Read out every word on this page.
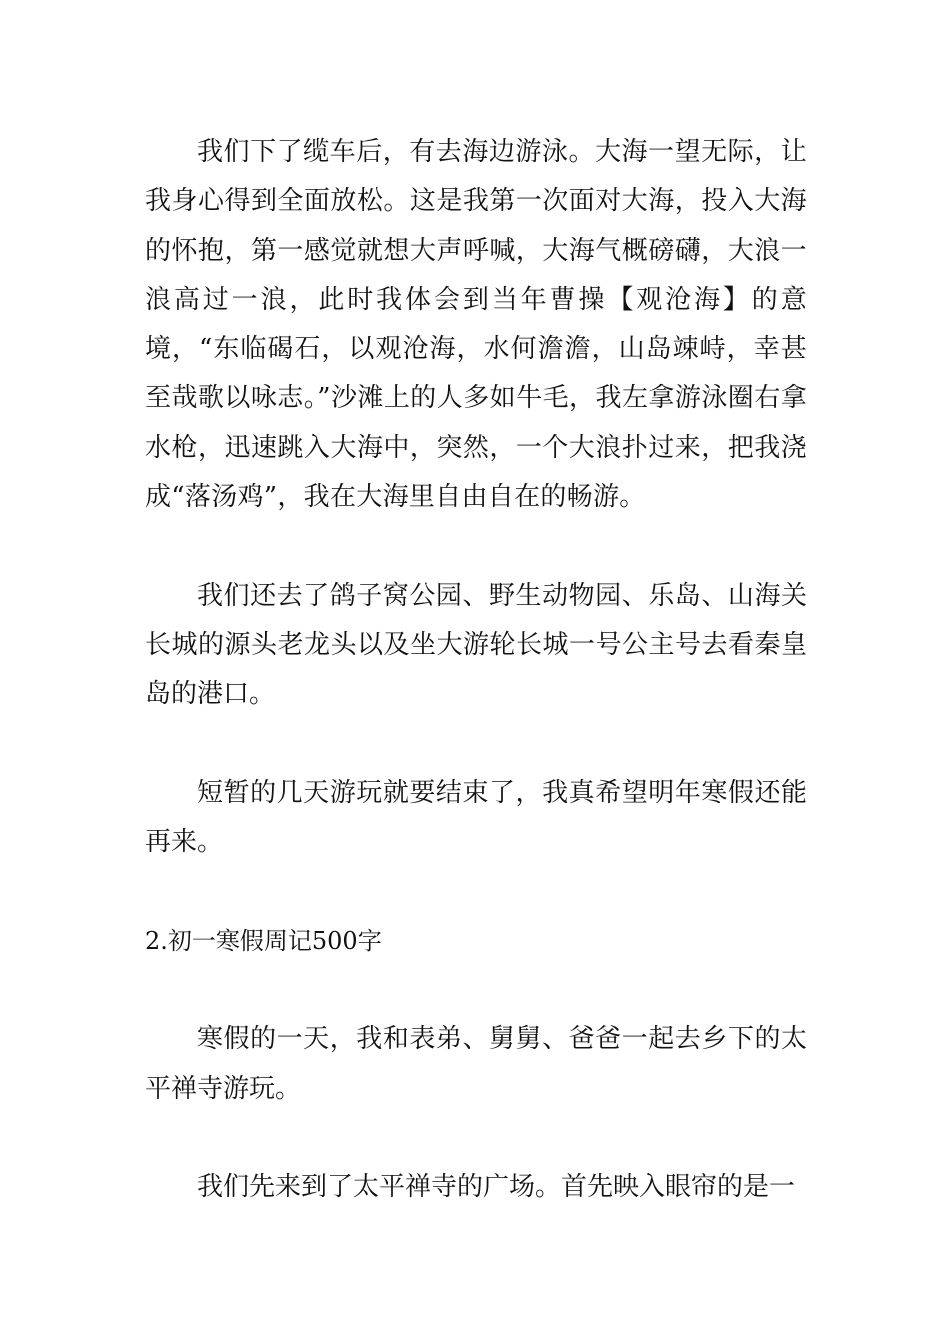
我们下了缆车后，有去海边游泳。大海一望无际，让我身心得到全面放松。这是我第一次面对大海，投入大海的怀抱，第一感觉就想大声呼喊，大海气概磅礴，大浪一浪高过一浪，此时我体会到当年曹操【观沧海】的意境，“东临碣石，以观沧海，水何澹澹，山岛竦峙，幸甚至哉歌以咏志。”沙滩上的人多如牛毛，我左拿游泳圈右拿水枪，迅速跳入大海中，突然，一个大浪扑过来，把我浇成“落汤鸡”，我在大海里自由自在的畅游。

我们还去了鸽子窝公园、野生动物园、乐岛、山海关长城的源头老龙头以及坐大游轮长城一号公主号去看秦皇岛的港口。

短暂的几天游玩就要结束了，我真希望明年寒假还能再来。

2.初一寒假周记500字

寒假的一天，我和表弟、舅舅、爸爸一起去乡下的太平禅寺游玩。

我们先来到了太平禅寺的广场。首先映入眼帘的是一
